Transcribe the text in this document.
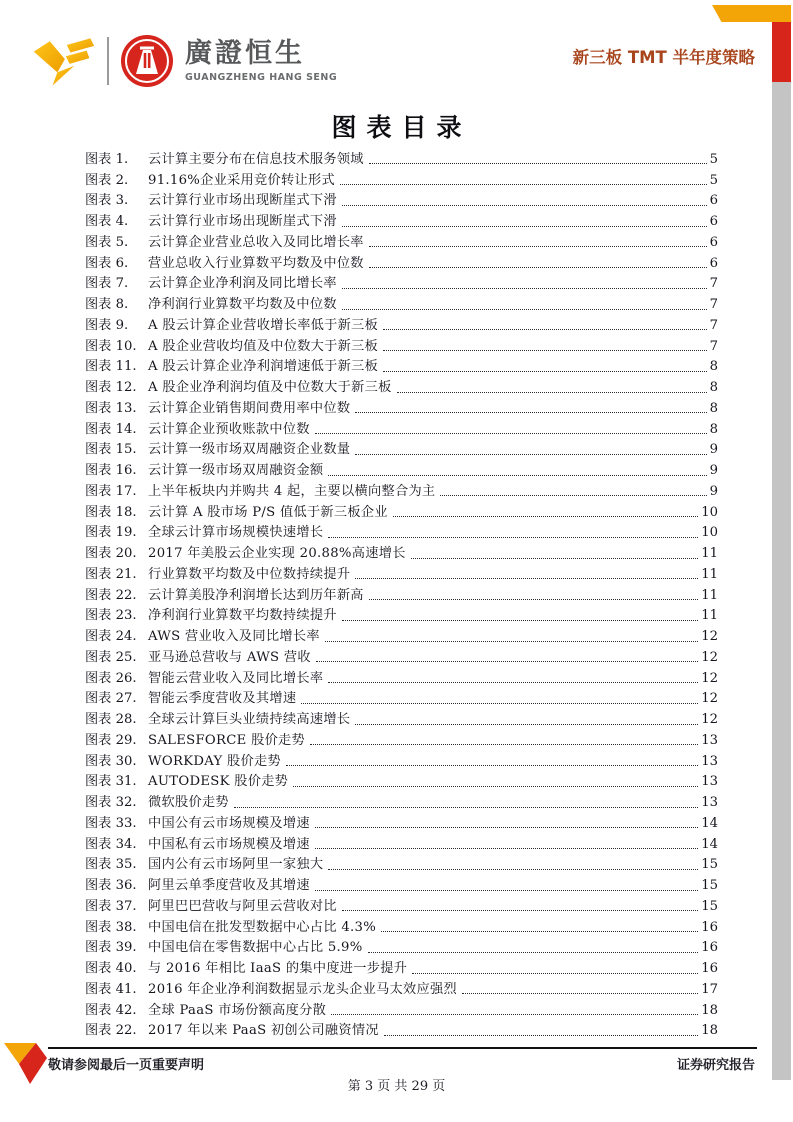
廣證恒生
GUANGZHENG HANG SENG
新三板 TMT 半年度策略
图表目录
图表 1.	云计算主要分布在信息技术服务领域	5
图表 2.	91.16%企业采用竞价转让形式	5
图表 3.	云计算行业市场出现断崖式下滑	6
图表 4.	云计算行业市场出现断崖式下滑	6
图表 5.	云计算企业营业总收入及同比增长率	6
图表 6.	营业总收入行业算数平均数及中位数	6
图表 7.	云计算企业净利润及同比增长率	7
图表 8.	净利润行业算数平均数及中位数	7
图表 9.	A 股云计算企业营收增长率低于新三板	7
图表 10. A 股企业营收均值及中位数大于新三板	7
图表 11. A 股云计算企业净利润增速低于新三板	8
图表 12. A 股企业净利润均值及中位数大于新三板	8
图表 13. 云计算企业销售期间费用率中位数	8
图表 14. 云计算企业预收账款中位数	8
图表 15. 云计算一级市场双周融资企业数量	9
图表 16. 云计算一级市场双周融资金额	9
图表 17. 上半年板块内并购共 4 起，主要以横向整合为主	9
图表 18. 云计算 A 股市场 P/S 值低于新三板企业	10
图表 19. 全球云计算市场规模快速增长	10
图表 20. 2017 年美股云企业实现 20.88%高速增长	11
图表 21. 行业算数平均数及中位数持续提升	11
图表 22. 云计算美股净利润增长达到历年新高	11
图表 23. 净利润行业算数平均数持续提升	11
图表 24. AWS 营业收入及同比增长率	12
图表 25. 亚马逊总营收与 AWS 营收	12
图表 26. 智能云营业收入及同比增长率	12
图表 27. 智能云季度营收及其增速	12
图表 28. 全球云计算巨头业绩持续高速增长	12
图表 29. SALESFORCE 股价走势	13
图表 30. WORKDAY 股价走势	13
图表 31. AUTODESK 股价走势	13
图表 32. 微软股价走势	13
图表 33. 中国公有云市场规模及增速	14
图表 34. 中国私有云市场规模及增速	14
图表 35. 国内公有云市场阿里一家独大	15
图表 36. 阿里云单季度营收及其增速	15
图表 37. 阿里巴巴营收与阿里云营收对比	15
图表 38. 中国电信在批发型数据中心占比 4.3%	16
图表 39. 中国电信在零售数据中心占比 5.9%	16
图表 40. 与 2016 年相比 IaaS 的集中度进一步提升	16
图表 41. 2016 年企业净利润数据显示龙头企业马太效应强烈	17
图表 42. 全球 PaaS 市场份额高度分散	18
图表 22. 2017 年以来 PaaS 初创公司融资情况	18
敬请参阅最后一页重要声明	证券研究报告
第 3 页 共 29 页
